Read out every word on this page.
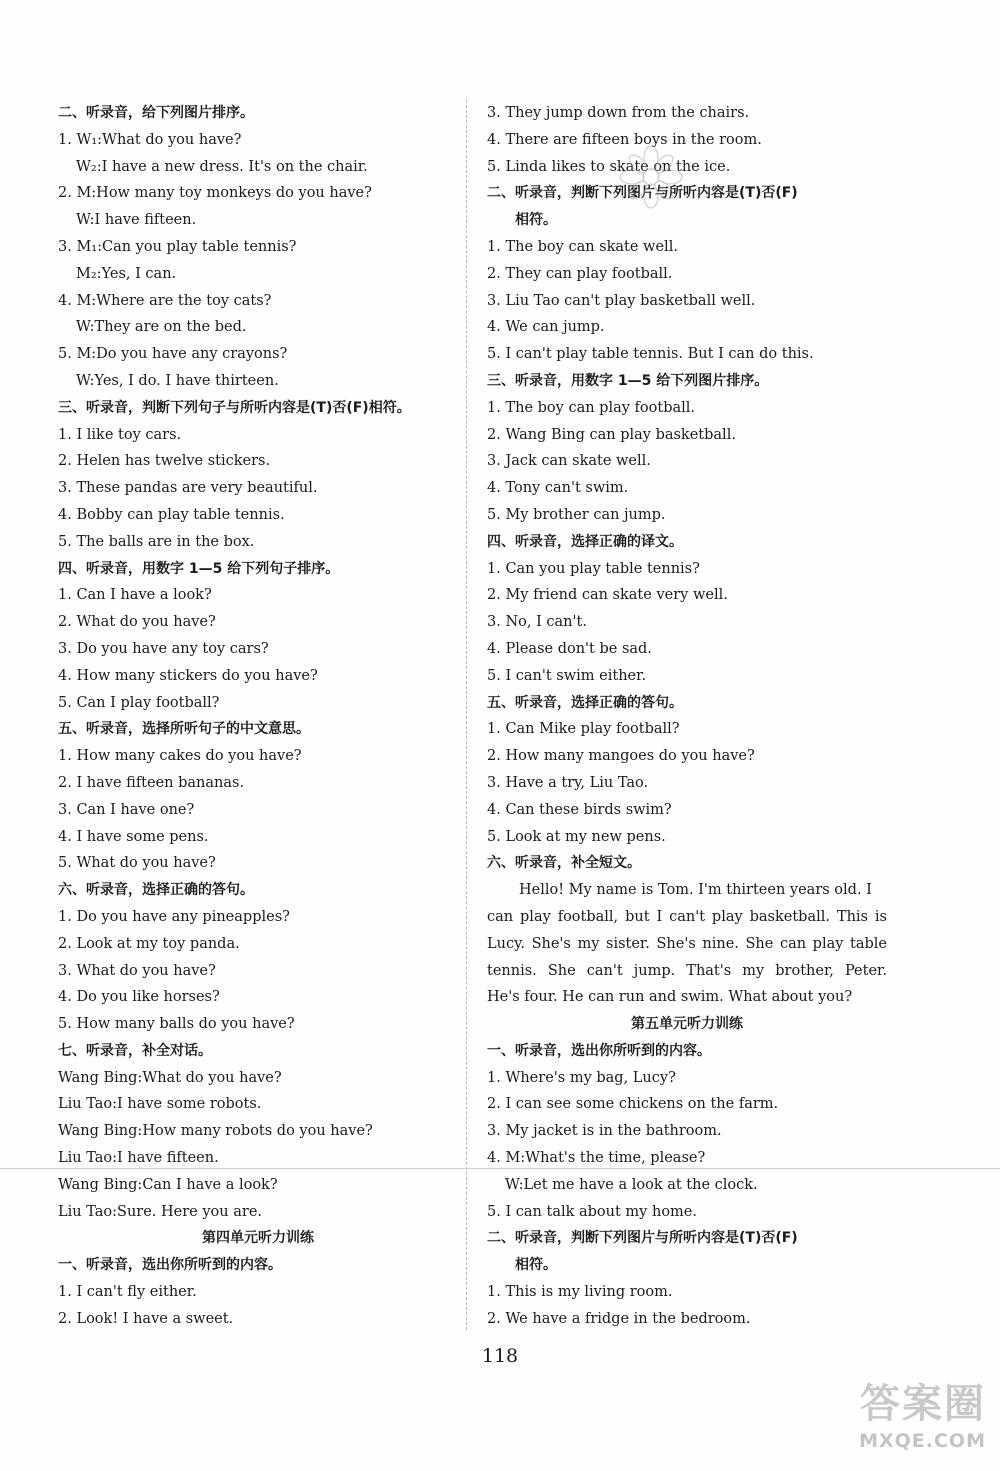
二、听录音，给下列图片排序。
1. W₁:What do you have?
W₂:I have a new dress. It's on the chair.
2. M:How many toy monkeys do you have?
W:I have fifteen.
3. M₁:Can you play table tennis?
M₂:Yes, I can.
4. M:Where are the toy cats?
W:They are on the bed.
5. M:Do you have any crayons?
W:Yes, I do. I have thirteen.
三、听录音，判断下列句子与所听内容是(T)否(F)相符。
1. I like toy cars.
2. Helen has twelve stickers.
3. These pandas are very beautiful.
4. Bobby can play table tennis.
5. The balls are in the box.
四、听录音，用数字 1—5 给下列句子排序。
1. Can I have a look?
2. What do you have?
3. Do you have any toy cars?
4. How many stickers do you have?
5. Can I play football?
五、听录音，选择所听句子的中文意思。
1. How many cakes do you have?
2. I have fifteen bananas.
3. Can I have one?
4. I have some pens.
5. What do you have?
六、听录音，选择正确的答句。
1. Do you have any pineapples?
2. Look at my toy panda.
3. What do you have?
4. Do you like horses?
5. How many balls do you have?
七、听录音，补全对话。
Wang Bing:What do you have?
Liu Tao:I have some robots.
Wang Bing:How many robots do you have?
Liu Tao:I have fifteen.
Wang Bing:Can I have a look?
Liu Tao:Sure. Here you are.
第四单元听力训练
一、听录音，选出你所听到的内容。
1. I can't fly either.
2. Look! I have a sweet.
3. They jump down from the chairs.
4. There are fifteen boys in the room.
5. Linda likes to skate on the ice.
二、听录音，判断下列图片与所听内容是(T)否(F)
相符。
1. The boy can skate well.
2. They can play football.
3. Liu Tao can't play basketball well.
4. We can jump.
5. I can't play table tennis. But I can do this.
三、听录音，用数字 1—5 给下列图片排序。
1. The boy can play football.
2. Wang Bing can play basketball.
3. Jack can skate well.
4. Tony can't swim.
5. My brother can jump.
四、听录音，选择正确的译文。
1. Can you play table tennis?
2. My friend can skate very well.
3. No, I can't.
4. Please don't be sad.
5. I can't swim either.
五、听录音，选择正确的答句。
1. Can Mike play football?
2. How many mangoes do you have?
3. Have a try, Liu Tao.
4. Can these birds swim?
5. Look at my new pens.
六、听录音，补全短文。
Hello! My name is Tom. I'm thirteen years old. I
can play football, but I can't play basketball. This is
Lucy. She's my sister. She's nine. She can play table
tennis. She can't jump. That's my brother, Peter.
He's four. He can run and swim. What about you?
第五单元听力训练
一、听录音，选出你所听到的内容。
1. Where's my bag, Lucy?
2. I can see some chickens on the farm.
3. My jacket is in the bathroom.
4. M:What's the time, please?
W:Let me have a look at the clock.
5. I can talk about my home.
二、听录音，判断下列图片与所听内容是(T)否(F)
相符。
1. This is my living room.
2. We have a fridge in the bedroom.
118
答案圈
MXQE.COM
